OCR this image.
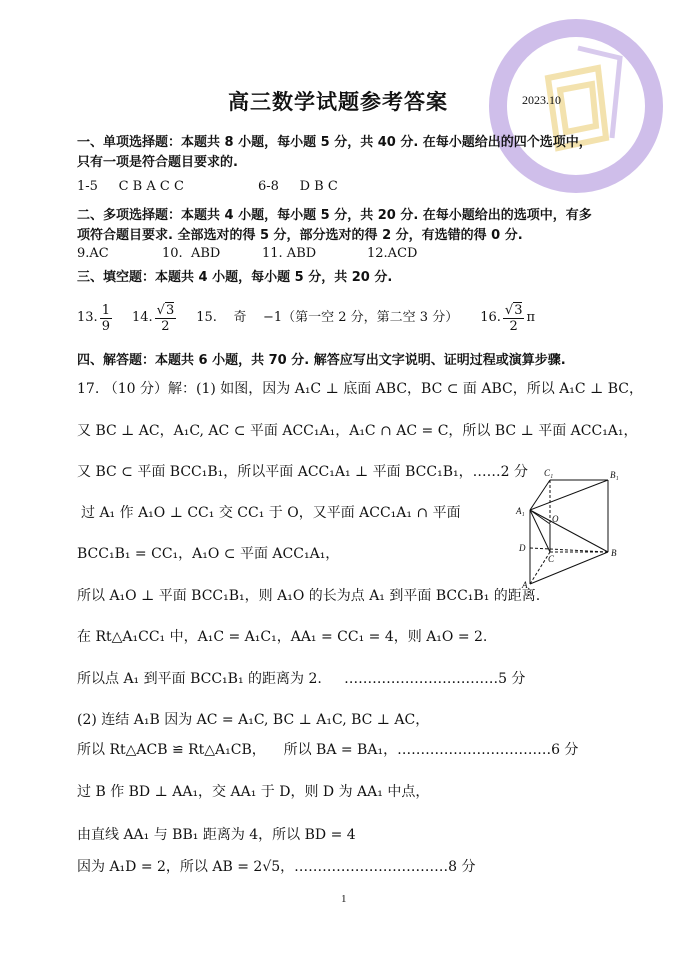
高三数学试题参考答案	2023.10
一、单项选择题：本题共 8 小题，每小题 5 分，共 40 分. 在每小题给出的四个选项中，
只有一项是符合题目要求的.
1-5     C B A C C	6-8     D B C
二、多项选择题：本题共 4 小题，每小题 5 分，共 20 分. 在每小题给出的选项中，有多
项符合题目要求. 全部选对的得 5 分，部分选对的得 2 分，有选错的得 0 分.
9.AC	10.  ABD	11. ABD	12.ACD
三、填空题：本题共 4 小题，每小题 5 分，共 20 分.
13. $\frac{1}{9} 14$. $\frac{√3}{2} 15$.    奇    −1（第一空 2 分，第二空 3 分） 16. $\frac{√3}{2}$ π
四、解答题：本题共 6 小题，共 70 分. 解答应写出文字说明、证明过程或演算步骤.
17. （10 分）解：(1) 如图，因为 A₁C ⊥ 底面 ABC，BC ⊂ 面 ABC，所以 A₁C ⊥ BC，
又 BC ⊥ AC，A₁C, AC ⊂ 平面 ACC₁A₁，A₁C ∩ AC = C，所以 BC ⊥ 平面 ACC₁A₁，
又 BC ⊂ 平面 BCC₁B₁，所以平面 ACC₁A₁ ⊥ 平面 BCC₁B₁，……2 分
过 A₁ 作 A₁O ⊥ CC₁ 交 CC₁ 于 O，又平面 ACC₁A₁ ∩ 平面
BCC₁B₁ = CC₁，A₁O ⊂ 平面 ACC₁A₁，
所以 A₁O ⊥ 平面 BCC₁B₁，则 A₁O 的长为点 A₁ 到平面 BCC₁B₁ 的距离.
在 Rt△A₁CC₁ 中，A₁C = A₁C₁，AA₁ = CC₁ = 4，则 A₁O = 2.
所以点 A₁ 到平面 BCC₁B₁ 的距离为 2.     ……………………………5 分
(2) 连结 A₁B 因为 AC = A₁C, BC ⊥ A₁C, BC ⊥ AC，
所以 Rt△ACB ≌ Rt△A₁CB，    所以 BA = BA₁，……………………………6 分
过 B 作 BD ⊥ AA₁，交 AA₁ 于 D，则 D 为 AA₁ 中点，
由直线 AA₁ 与 BB₁ 距离为 4，所以 BD = 4
因为 A₁D = 2，所以 AB = 2√5，……………………………8 分
C₁	B₁
A₁
O
D
C
B
A
1
